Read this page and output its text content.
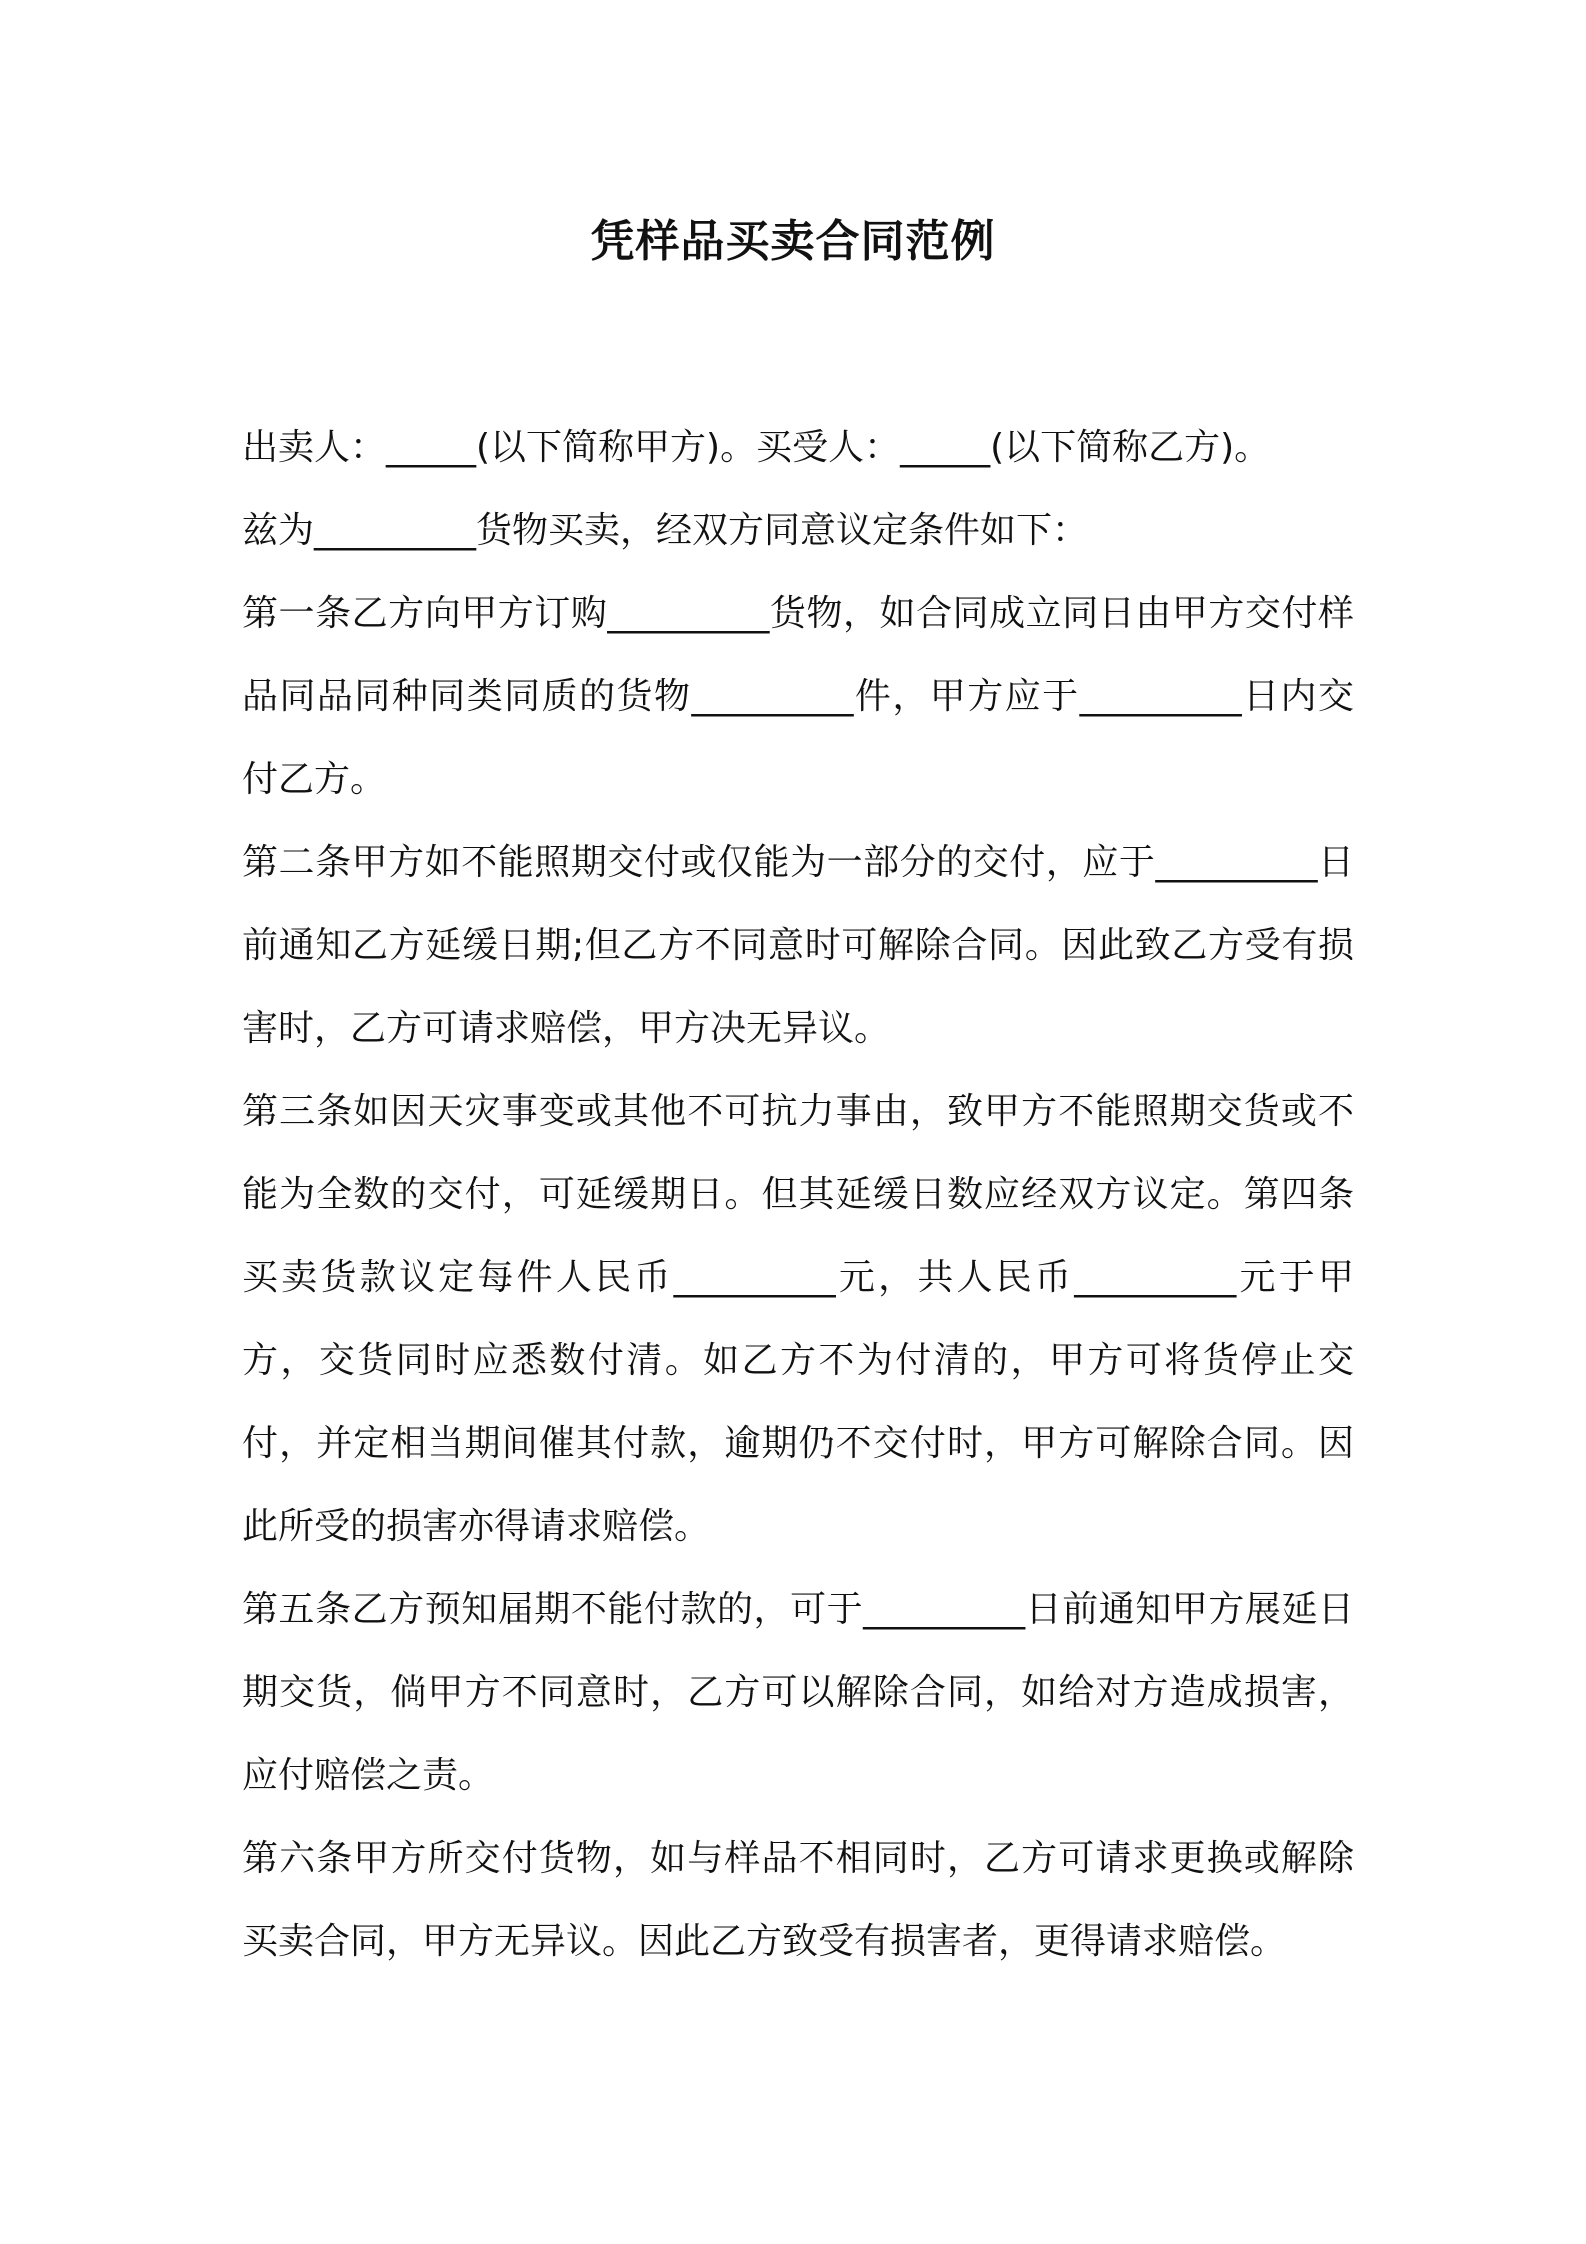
凭样品买卖合同范例

出卖人：_____(以下简称甲方)。买受人：_____(以下简称乙方)。

兹为_________货物买卖，经双方同意议定条件如下：

第一条乙方向甲方订购_________货物，如合同成立同日由甲方交付样品同品同种同类同质的货物_________件，甲方应于_________日内交付乙方。

第二条甲方如不能照期交付或仅能为一部分的交付，应于_________日前通知乙方延缓日期;但乙方不同意时可解除合同。因此致乙方受有损害时，乙方可请求赔偿，甲方决无异议。

第三条如因天灾事变或其他不可抗力事由，致甲方不能照期交货或不能为全数的交付，可延缓期日。但其延缓日数应经双方议定。第四条买卖货款议定每件人民币_________元，共人民币_________元于甲方，交货同时应悉数付清。如乙方不为付清的，甲方可将货停止交付，并定相当期间催其付款，逾期仍不交付时，甲方可解除合同。因此所受的损害亦得请求赔偿。

第五条乙方预知届期不能付款的，可于_________日前通知甲方展延日期交货，倘甲方不同意时，乙方可以解除合同，如给对方造成损害，应付赔偿之责。

第六条甲方所交付货物，如与样品不相同时，乙方可请求更换或解除买卖合同，甲方无异议。因此乙方致受有损害者，更得请求赔偿。
